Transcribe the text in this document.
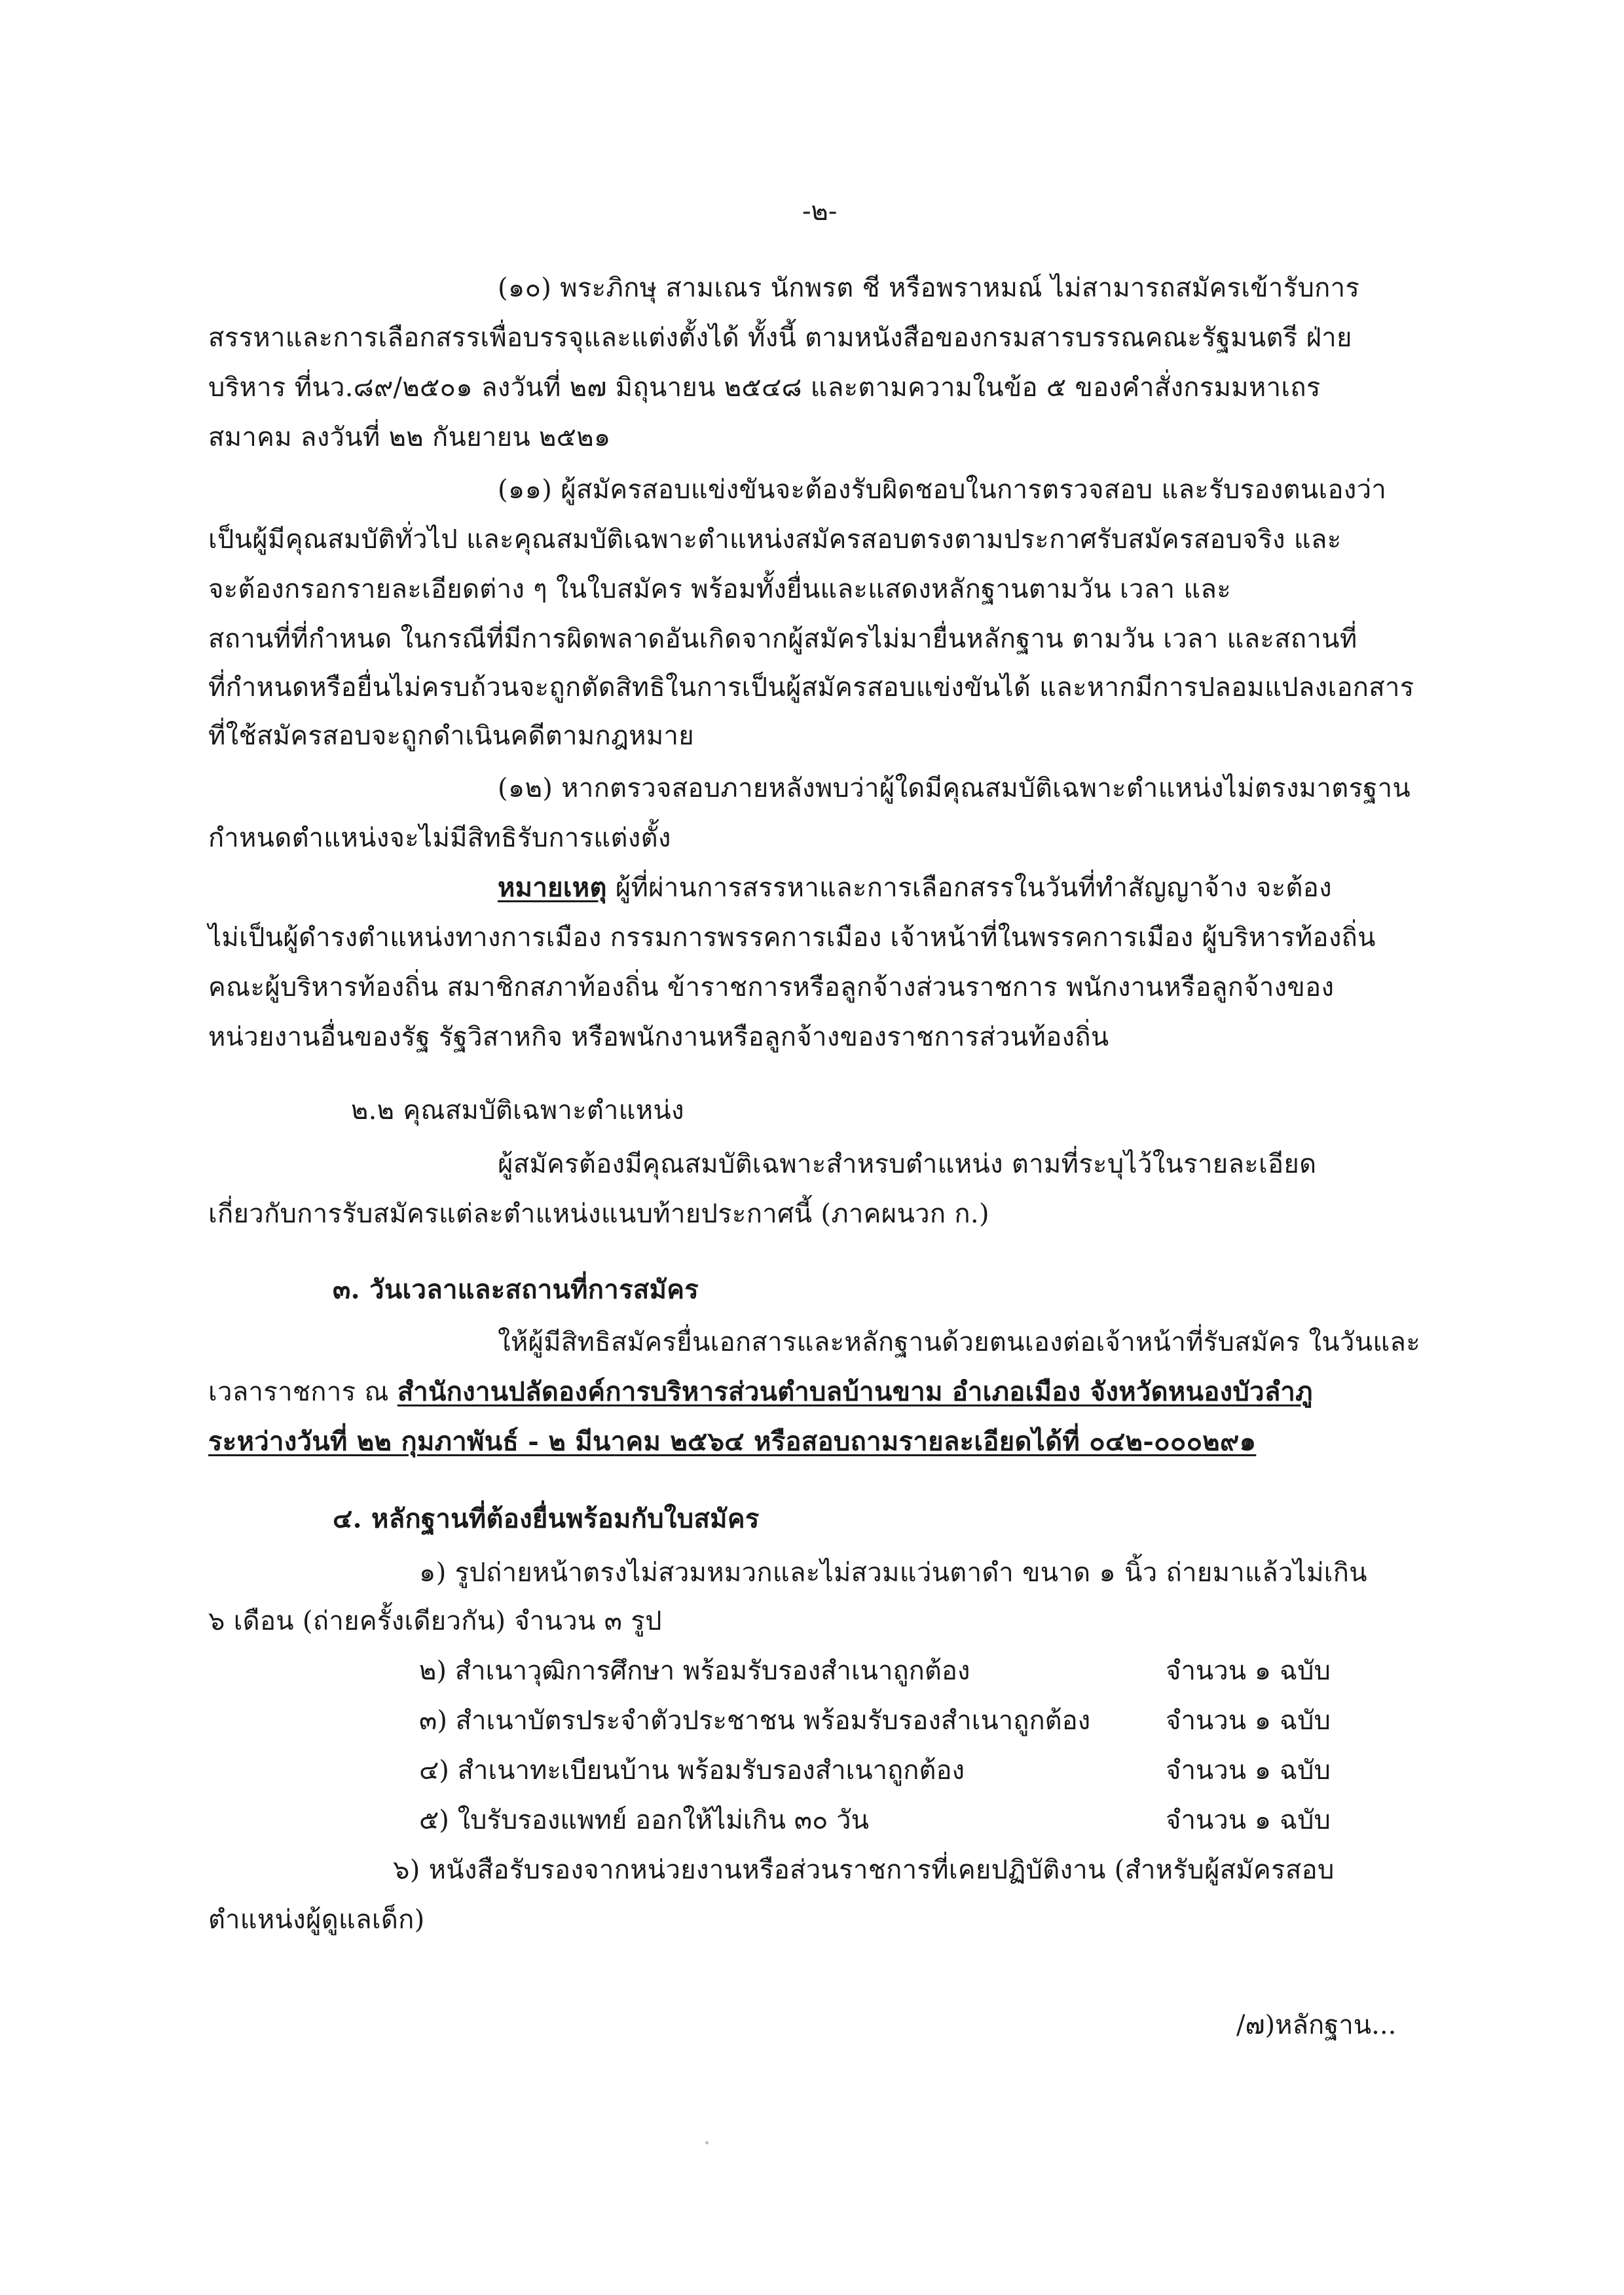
-๒-
(๑๐) พระภิกษุ สามเณร นักพรต ชี หรือพราหมณ์ ไม่สามารถสมัครเข้ารับการ
สรรหาและการเลือกสรรเพื่อบรรจุและแต่งตั้งได้ ทั้งนี้ ตามหนังสือของกรมสารบรรณคณะรัฐมนตรี ฝ่าย
บริหาร ที่นว.๘๙/๒๕๐๑ ลงวันที่ ๒๗ มิถุนายน ๒๕๔๘ และตามความในข้อ ๕ ของคำสั่งกรมมหาเถร
สมาคม ลงวันที่ ๒๒ กันยายน ๒๕๒๑
(๑๑) ผู้สมัครสอบแข่งขันจะต้องรับผิดชอบในการตรวจสอบ และรับรองตนเองว่า
เป็นผู้มีคุณสมบัติทั่วไป และคุณสมบัติเฉพาะตำแหน่งสมัครสอบตรงตามประกาศรับสมัครสอบจริง และ
จะต้องกรอกรายละเอียดต่าง ๆ ในใบสมัคร พร้อมทั้งยื่นและแสดงหลักฐานตามวัน เวลา และ
สถานที่ที่กำหนด ในกรณีที่มีการผิดพลาดอันเกิดจากผู้สมัครไม่มายื่นหลักฐาน ตามวัน เวลา และสถานที่
ที่กำหนดหรือยื่นไม่ครบถ้วนจะถูกตัดสิทธิในการเป็นผู้สมัครสอบแข่งขันได้ และหากมีการปลอมแปลงเอกสาร
ที่ใช้สมัครสอบจะถูกดำเนินคดีตามกฎหมาย
(๑๒) หากตรวจสอบภายหลังพบว่าผู้ใดมีคุณสมบัติเฉพาะตำแหน่งไม่ตรงมาตรฐาน
กำหนดตำแหน่งจะไม่มีสิทธิรับการแต่งตั้ง
หมายเหตุ ผู้ที่ผ่านการสรรหาและการเลือกสรรในวันที่ทำสัญญาจ้าง จะต้อง
ไม่เป็นผู้ดำรงตำแหน่งทางการเมือง กรรมการพรรคการเมือง เจ้าหน้าที่ในพรรคการเมือง ผู้บริหารท้องถิ่น
คณะผู้บริหารท้องถิ่น สมาชิกสภาท้องถิ่น ข้าราชการหรือลูกจ้างส่วนราชการ พนักงานหรือลูกจ้างของ
หน่วยงานอื่นของรัฐ รัฐวิสาหกิจ หรือพนักงานหรือลูกจ้างของราชการส่วนท้องถิ่น
๒.๒ คุณสมบัติเฉพาะตำแหน่ง
ผู้สมัครต้องมีคุณสมบัติเฉพาะสำหรบตำแหน่ง ตามที่ระบุไว้ในรายละเอียด
เกี่ยวกับการรับสมัครแต่ละตำแหน่งแนบท้ายประกาศนี้ (ภาคผนวก ก.)
๓. วันเวลาและสถานที่การสมัคร
ให้ผู้มีสิทธิสมัครยื่นเอกสารและหลักฐานด้วยตนเองต่อเจ้าหน้าที่รับสมัคร ในวันและ
เวลาราชการ ณ สำนักงานปลัดองค์การบริหารส่วนตำบลบ้านขาม อำเภอเมือง จังหวัดหนองบัวลำภู
ระหว่างวันที่ ๒๒ กุมภาพันธ์ - ๒ มีนาคม ๒๕๖๔ หรือสอบถามรายละเอียดได้ที่ ๐๔๒-๐๐๐๒๙๑
๔. หลักฐานที่ต้องยื่นพร้อมกับใบสมัคร
๑) รูปถ่ายหน้าตรงไม่สวมหมวกและไม่สวมแว่นตาดำ ขนาด ๑ นิ้ว ถ่ายมาแล้วไม่เกิน
๖ เดือน (ถ่ายครั้งเดียวกัน) จำนวน ๓ รูป
๒) สำเนาวุฒิการศึกษา พร้อมรับรองสำเนาถูกต้อง	จำนวน ๑ ฉบับ
๓) สำเนาบัตรประจำตัวประชาชน พร้อมรับรองสำเนาถูกต้อง	จำนวน ๑ ฉบับ
๔) สำเนาทะเบียนบ้าน พร้อมรับรองสำเนาถูกต้อง	จำนวน ๑ ฉบับ
๕) ใบรับรองแพทย์ ออกให้ไม่เกิน ๓๐ วัน	จำนวน ๑ ฉบับ
๖) หนังสือรับรองจากหน่วยงานหรือส่วนราชการที่เคยปฏิบัติงาน (สำหรับผู้สมัครสอบ
ตำแหน่งผู้ดูแลเด็ก)
/๗)หลักฐาน...
